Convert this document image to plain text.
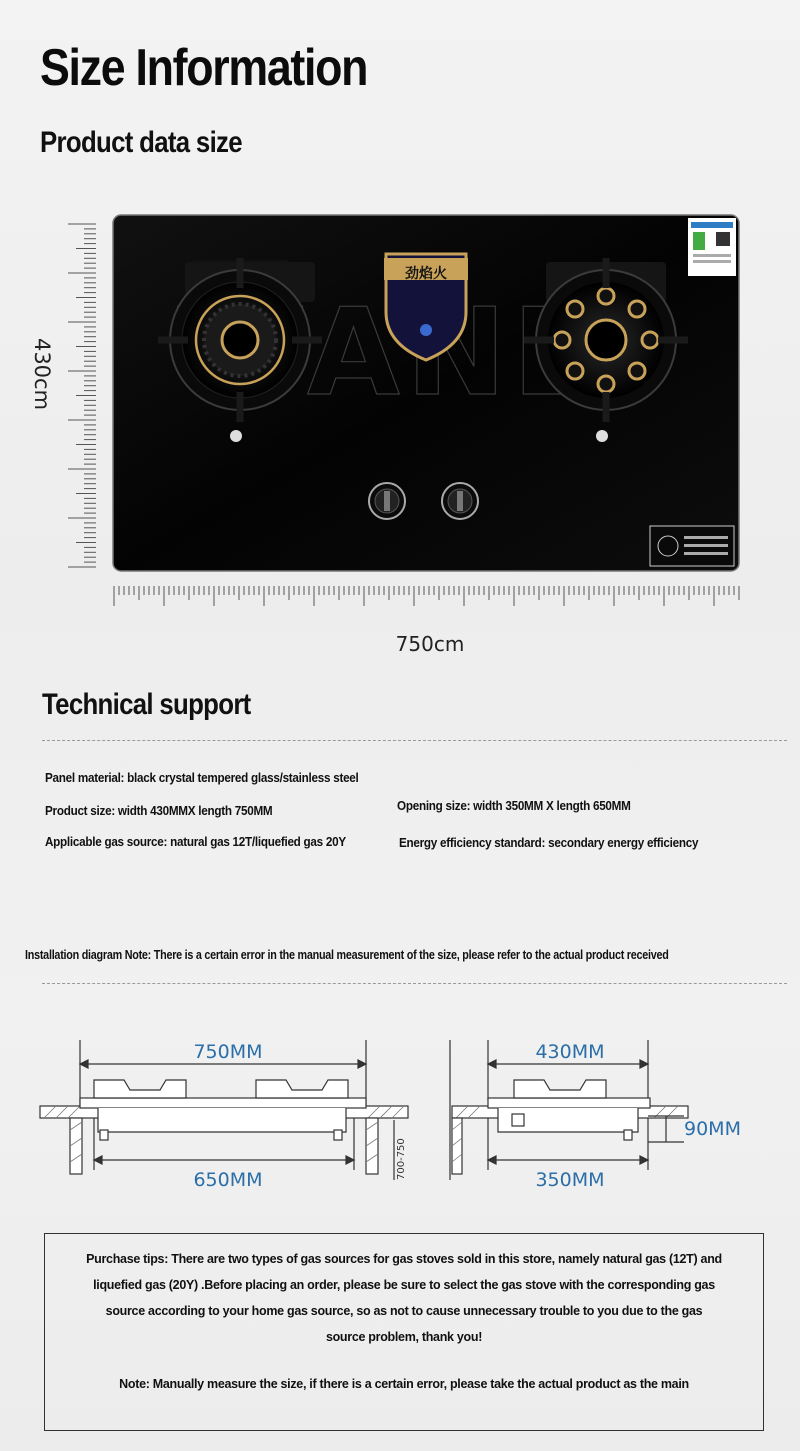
Size Information
Product data size
430cm
劲焰火
750cm
Technical support
Panel material: black crystal tempered glass/stainless steel
Product size: width 430MMX length 750MM	Opening size: width 350MM X length 650MM
Applicable gas source: natural gas 12T/liquefied gas 20Y	Energy efficiency standard: secondary energy efficiency
Installation diagram Note: There is a certain error in the manual measurement of the size, please refer to the actual product received
750MM
650MM	700-750
430MM
350MM
90MM
Purchase tips: There are two types of gas sources for gas stoves sold in this store, namely natural gas (12T) and
liquefied gas (20Y) .Before placing an order, please be sure to select the gas stove with the corresponding gas
source according to your home gas source, so as not to cause unnecessary trouble to you due to the gas
source problem, thank you!
Note: Manually measure the size, if there is a certain error, please take the actual product as the main
